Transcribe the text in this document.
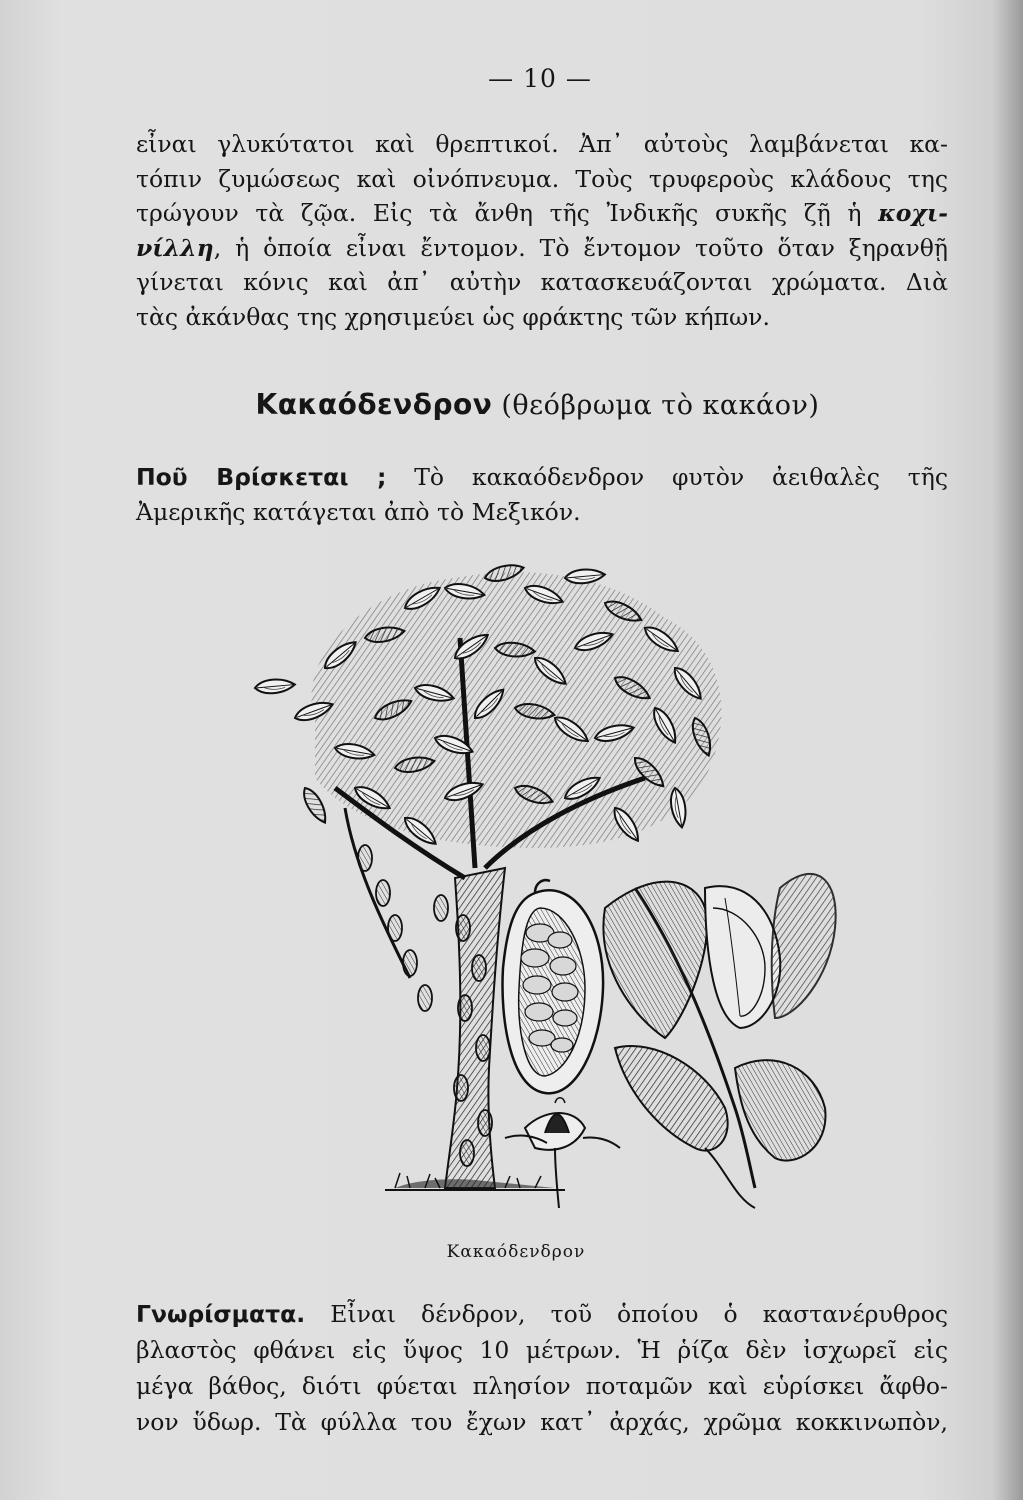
— 10 —

εἶναι γλυκύτατοι καὶ θρεπτικοί. Ἀπ᾽ αὐτοὺς λαμβάνεται κα-
τόπιν ζυμώσεως καὶ οἰνόπνευμα. Τοὺς τρυφεροὺς κλάδους της
τρώγουν τὰ ζῷα. Εἰς τὰ ἄνθη τῆς Ἰνδικῆς συκῆς ζῇ ἡ κοχι-
νίλλη, ἡ ὁποία εἶναι ἔντομον. Τὸ ἔντομον τοῦτο ὅταν ξηρανθῇ
γίνεται κόνις καὶ ἀπ᾽ αὐτὴν κατασκευάζονται χρώματα. Διὰ
τὰς ἀκάνθας της χρησιμεύει ὡς φράκτης τῶν κήπων.

Κακαόδενδρον (θεόβρωμα τὸ κακάον)

Ποῦ Βρίσκεται ; Τὸ κακαόδενδρον φυτὸν ἀειθαλὲς τῆς
Ἀμερικῆς κατάγεται ἀπὸ τὸ Μεξικόν.

Κακαόδενδρον

Γνωρίσματα. Εἶναι δένδρον, τοῦ ὁποίου ὁ καστανέρυθρος
βλαστὸς φθάνει εἰς ὕψος 10 μέτρων. Ἡ ῥίζα δὲν ἰσχωρεῖ εἰς
μέγα βάθος, διότι φύεται πλησίον ποταμῶν καὶ εὑρίσκει ἄφθο-
νον ὕδωρ. Τὰ φύλλα του ἔχων κατ᾽ ἀρχάς, χρῶμα κοκκινωπὸν,
